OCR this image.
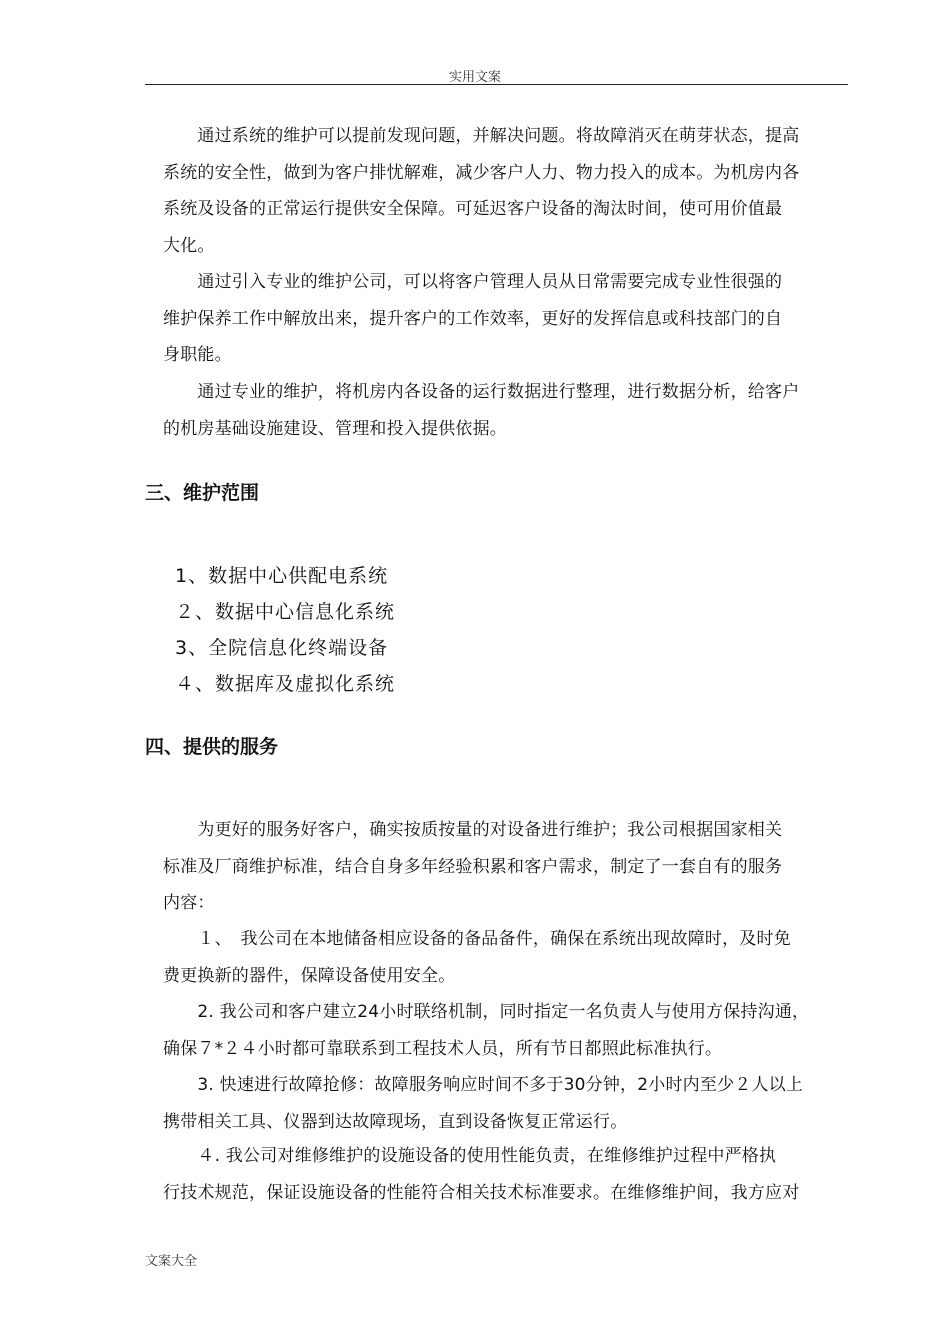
实用文案
　　通过系统的维护可以提前发现问题，并解决问题。将故障消灭在萌芽状态，提高
系统的安全性，做到为客户排忧解难，减少客户人力、物力投入的成本。为机房内各
系统及设备的正常运行提供安全保障。可延迟客户设备的淘汰时间，使可用价值最
大化。
　　通过引入专业的维护公司，可以将客户管理人员从日常需要完成专业性很强的
维护保养工作中解放出来，提升客户的工作效率，更好的发挥信息或科技部门的自
身职能。
　　通过专业的维护，将机房内各设备的运行数据进行整理，进行数据分析，给客户
的机房基础设施建设、管理和投入提供依据。
三、维护范围
1、数据中心供配电系统
２、数据中心信息化系统
3、全院信息化终端设备
４、数据库及虚拟化系统
四、提供的服务
　　为更好的服务好客户，确实按质按量的对设备进行维护；我公司根据国家相关
标准及厂商维护标准，结合自身多年经验积累和客户需求，制定了一套自有的服务
内容：
　　１、　我公司在本地储备相应设备的备品备件，确保在系统出现故障时，及时免
费更换新的器件，保障设备使用安全。
　　2. 我公司和客户建立24小时联络机制，同时指定一名负责人与使用方保持沟通，
确保７*２４小时都可靠联系到工程技术人员，所有节日都照此标准执行。
　　3. 快速进行故障抢修：故障服务响应时间不多于30分钟，2小时内至少２人以上
携带相关工具、仪器到达故障现场，直到设备恢复正常运行。
　　４. 我公司对维修维护的设施设备的使用性能负责，在维修维护过程中严格执
行技术规范，保证设施设备的性能符合相关技术标准要求。在维修维护间，我方应对
文案大全
